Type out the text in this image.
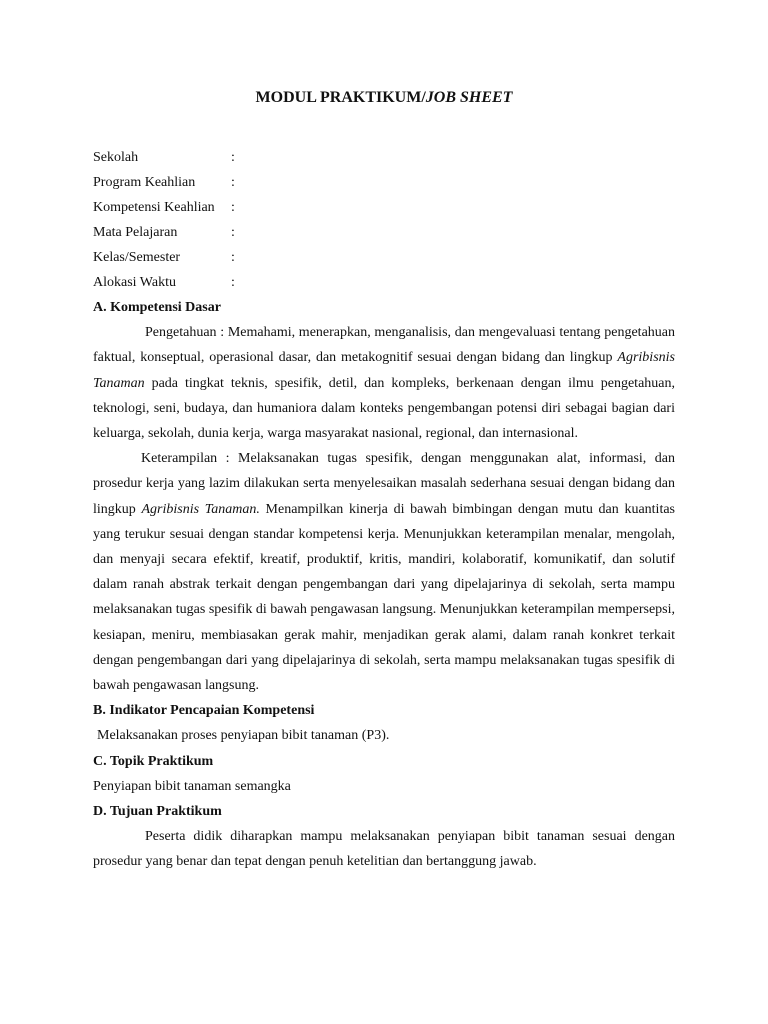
MODUL PRAKTIKUM/JOB SHEET
Sekolah	:
Program Keahlian	:
Kompetensi Keahlian	:
Mata Pelajaran	:
Kelas/Semester	:
Alokasi Waktu	:
A. Kompetensi Dasar

Pengetahuan : Memahami, menerapkan, menganalisis, dan mengevaluasi tentang pengetahuan faktual, konseptual, operasional dasar, dan metakognitif sesuai dengan bidang dan lingkup Agribisnis Tanaman pada tingkat teknis, spesifik, detil, dan kompleks, berkenaan dengan ilmu pengetahuan, teknologi, seni, budaya, dan humaniora dalam konteks pengembangan potensi diri sebagai bagian dari keluarga, sekolah, dunia kerja, warga masyarakat nasional, regional, dan internasional.

Keterampilan : Melaksanakan tugas spesifik, dengan menggunakan alat, informasi, dan prosedur kerja yang lazim dilakukan serta menyelesaikan masalah sederhana sesuai dengan bidang dan lingkup Agribisnis Tanaman. Menampilkan kinerja di bawah bimbingan dengan mutu dan kuantitas yang terukur sesuai dengan standar kompetensi kerja. Menunjukkan keterampilan menalar, mengolah, dan menyaji secara efektif, kreatif, produktif, kritis, mandiri, kolaboratif, komunikatif, dan solutif dalam ranah abstrak terkait dengan pengembangan dari yang dipelajarinya di sekolah, serta mampu melaksanakan tugas spesifik di bawah pengawasan langsung. Menunjukkan keterampilan mempersepsi, kesiapan, meniru, membiasakan gerak mahir, menjadikan gerak alami, dalam ranah konkret terkait dengan pengembangan dari yang dipelajarinya di sekolah, serta mampu melaksanakan tugas spesifik di bawah pengawasan langsung.

B. Indikator Pencapaian Kompetensi

Melaksanakan proses penyiapan bibit tanaman (P3).

C. Topik Praktikum

Penyiapan bibit tanaman semangka

D. Tujuan Praktikum

Peserta didik diharapkan mampu melaksanakan penyiapan bibit tanaman sesuai dengan prosedur yang benar dan tepat dengan penuh ketelitian dan bertanggung jawab.
